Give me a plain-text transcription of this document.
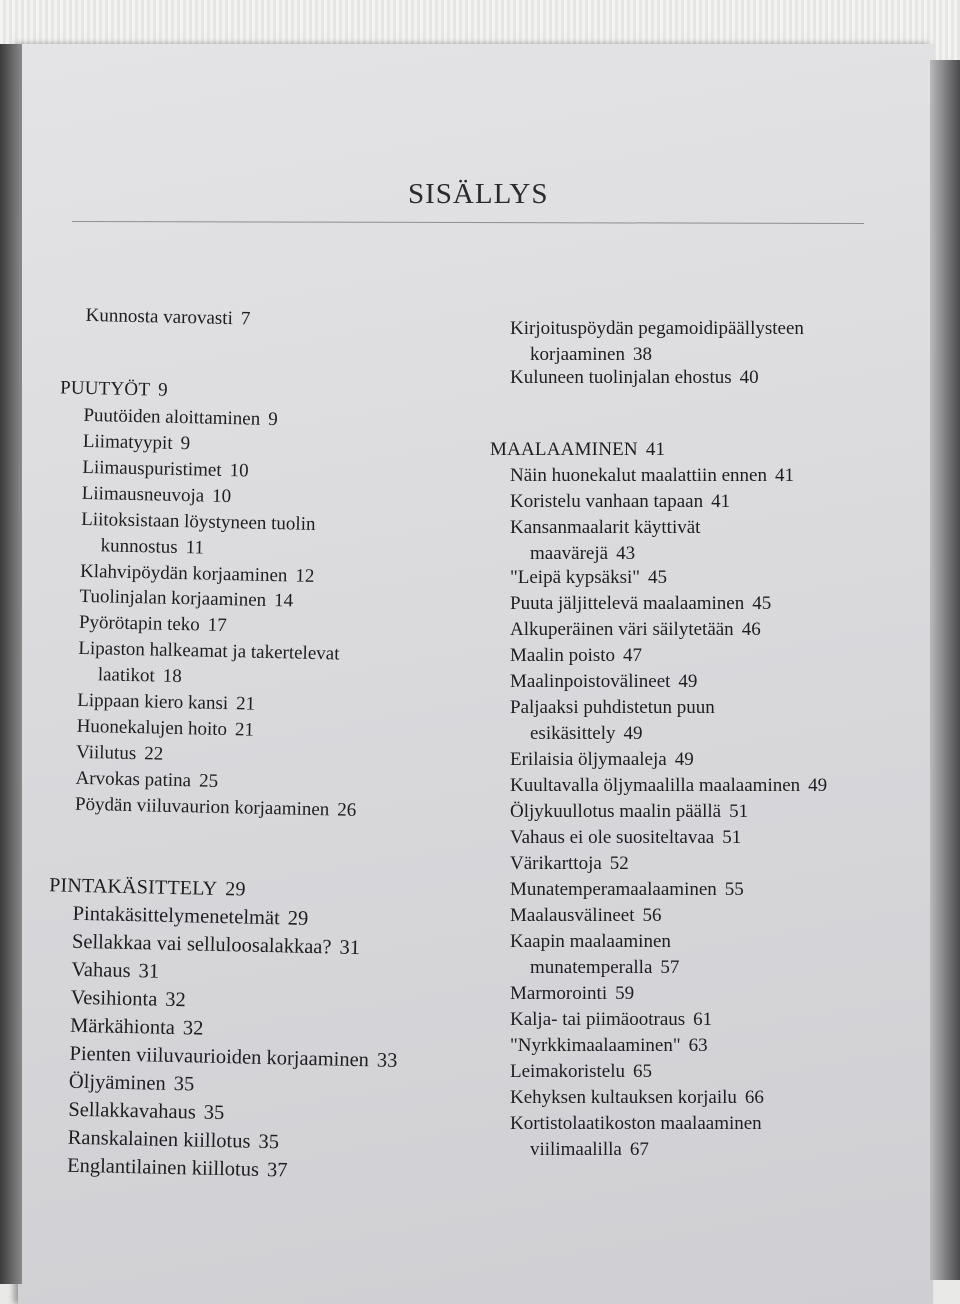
SISÄLLYS
Kunnosta varovasti 7
PUUTYÖT 9
Puutöiden aloittaminen 9
Liimatyypit 9
Liimauspuristimet 10
Liimausneuvoja 10
Liitoksistaan löystyneen tuolin
kunnostus 11
Klahvipöydän korjaaminen 12
Tuolinjalan korjaaminen 14
Pyörötapin teko 17
Lipaston halkeamat ja takertelevat
laatikot 18
Lippaan kiero kansi 21
Huonekalujen hoito 21
Viilutus 22
Arvokas patina 25
Pöydän viiluvaurion korjaaminen 26
PINTAKÄSITTELY 29
Pintakäsittelymenetelmät 29
Sellakkaa vai selluloosalakkaa? 31
Vahaus 31
Vesihionta 32
Märkähionta 32
Pienten viiluvaurioiden korjaaminen 33
Öljyäminen 35
Sellakkavahaus 35
Ranskalainen kiillotus 35
Englantilainen kiillotus 37
Kirjoituspöydän pegamoidipäällysteen
korjaaminen 38
Kuluneen tuolinjalan ehostus 40
MAALAAMINEN 41
Näin huonekalut maalattiin ennen 41
Koristelu vanhaan tapaan 41
Kansanmaalarit käyttivät
maavärejä 43
"Leipä kypsäksi" 45
Puuta jäljittelevä maalaaminen 45
Alkuperäinen väri säilytetään 46
Maalin poisto 47
Maalinpoistovälineet 49
Paljaaksi puhdistetun puun
esikäsittely 49
Erilaisia öljymaaleja 49
Kuultavalla öljymaalilla maalaaminen 49
Öljykuullotus maalin päällä 51
Vahaus ei ole suositeltavaa 51
Värikarttoja 52
Munatemperamaalaaminen 55
Maalausvälineet 56
Kaapin maalaaminen
munatemperalla 57
Marmorointi 59
Kalja- tai piimäootraus 61
"Nyrkkimaalaaminen" 63
Leimakoristelu 65
Kehyksen kultauksen korjailu 66
Kortistolaatikoston maalaaminen
viilimaalilla 67
